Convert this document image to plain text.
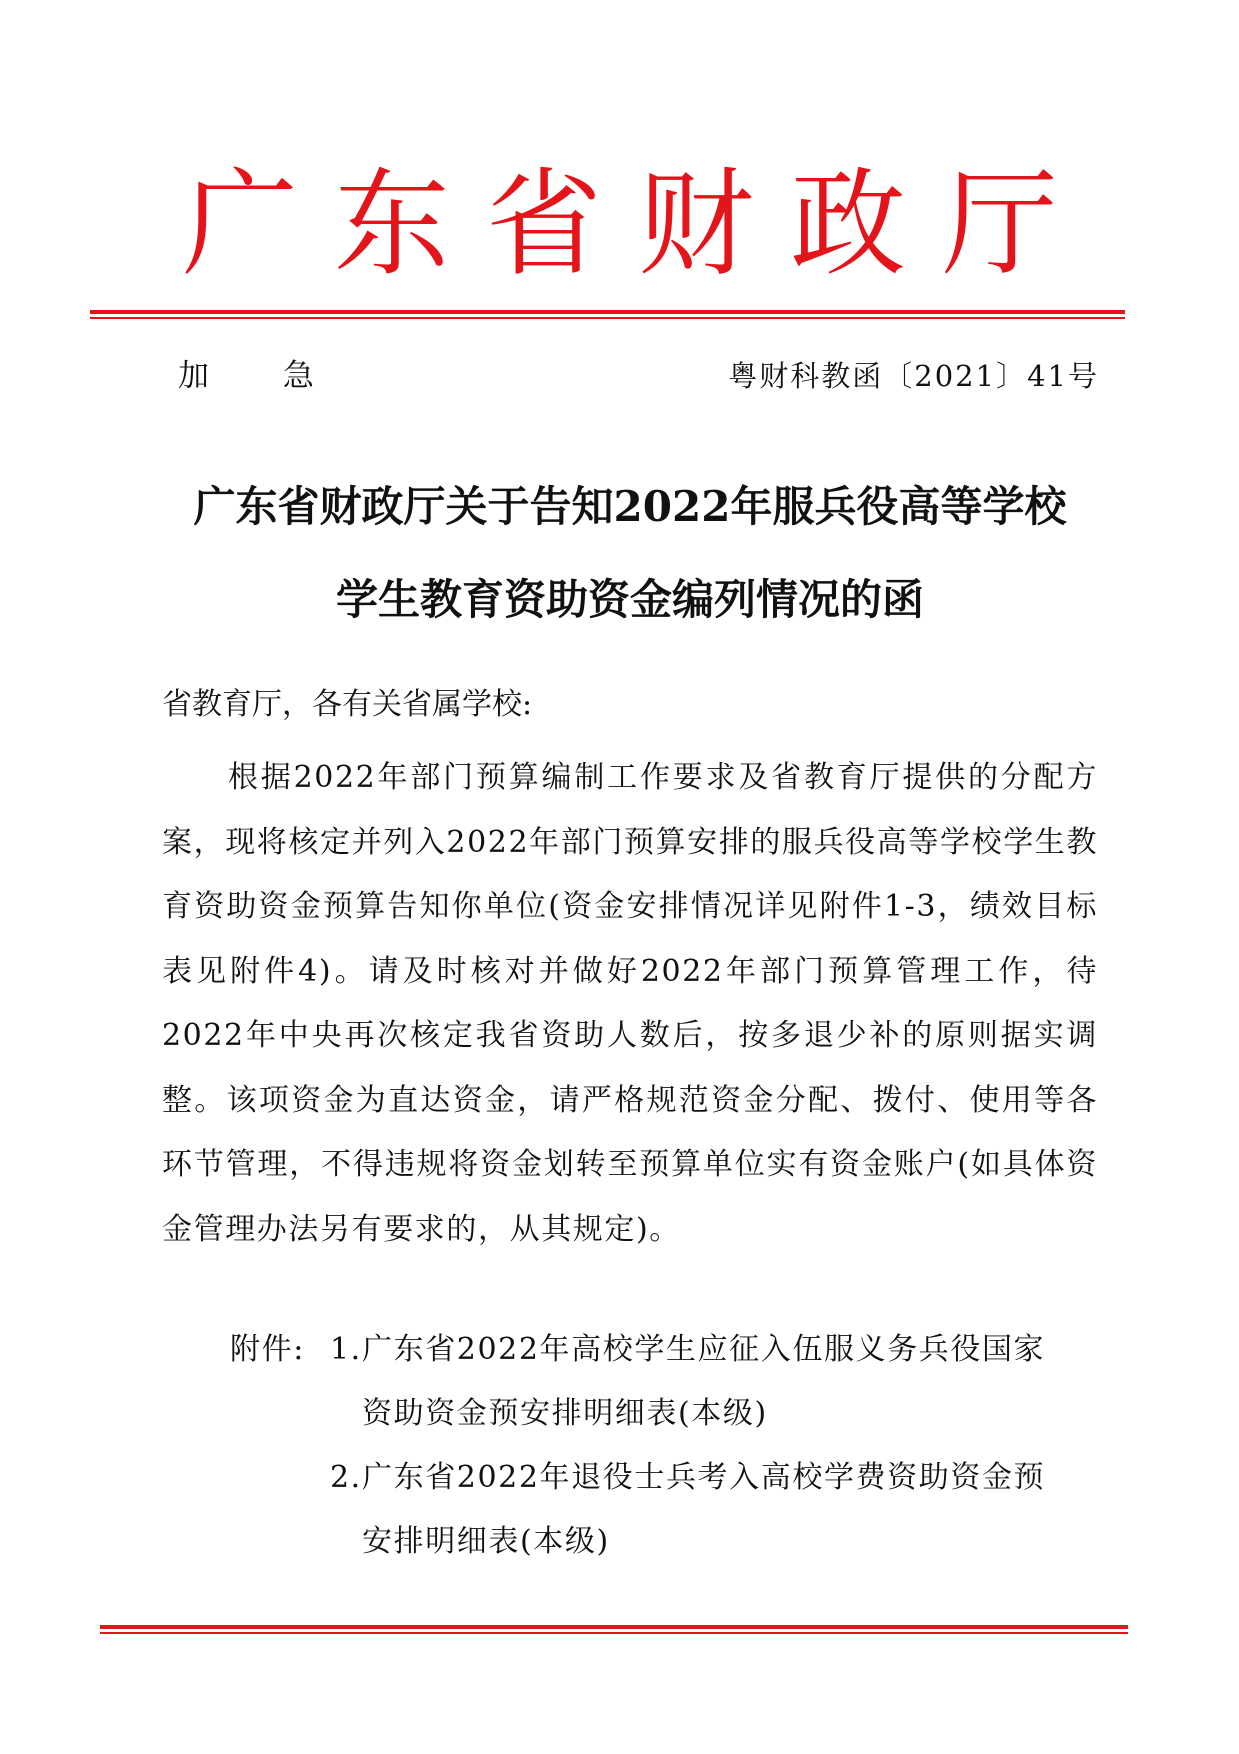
广东省财政厅
加 急	粤财科教函〔2021〕41号
广东省财政厅关于告知2022年服兵役高等学校
学生教育资助资金编列情况的函
省教育厅，各有关省属学校:

根据2022年部门预算编制工作要求及省教育厅提供的分配方案，现将核定并列入2022年部门预算安排的服兵役高等学校学生教育资助资金预算告知你单位(资金安排情况详见附件1-3，绩效目标表见附件4)。请及时核对并做好2022年部门预算管理工作，待2022年中央再次核定我省资助人数后，按多退少补的原则据实调整。该项资金为直达资金，请严格规范资金分配、拨付、使用等各环节管理，不得违规将资金划转至预算单位实有资金账户(如具体资金管理办法另有要求的，从其规定)。

附件: 1. 广东省2022年高校学生应征入伍服义务兵役国家
资助资金预安排明细表(本级)
2. 广东省2022年退役士兵考入高校学费资助资金预
安排明细表(本级)
